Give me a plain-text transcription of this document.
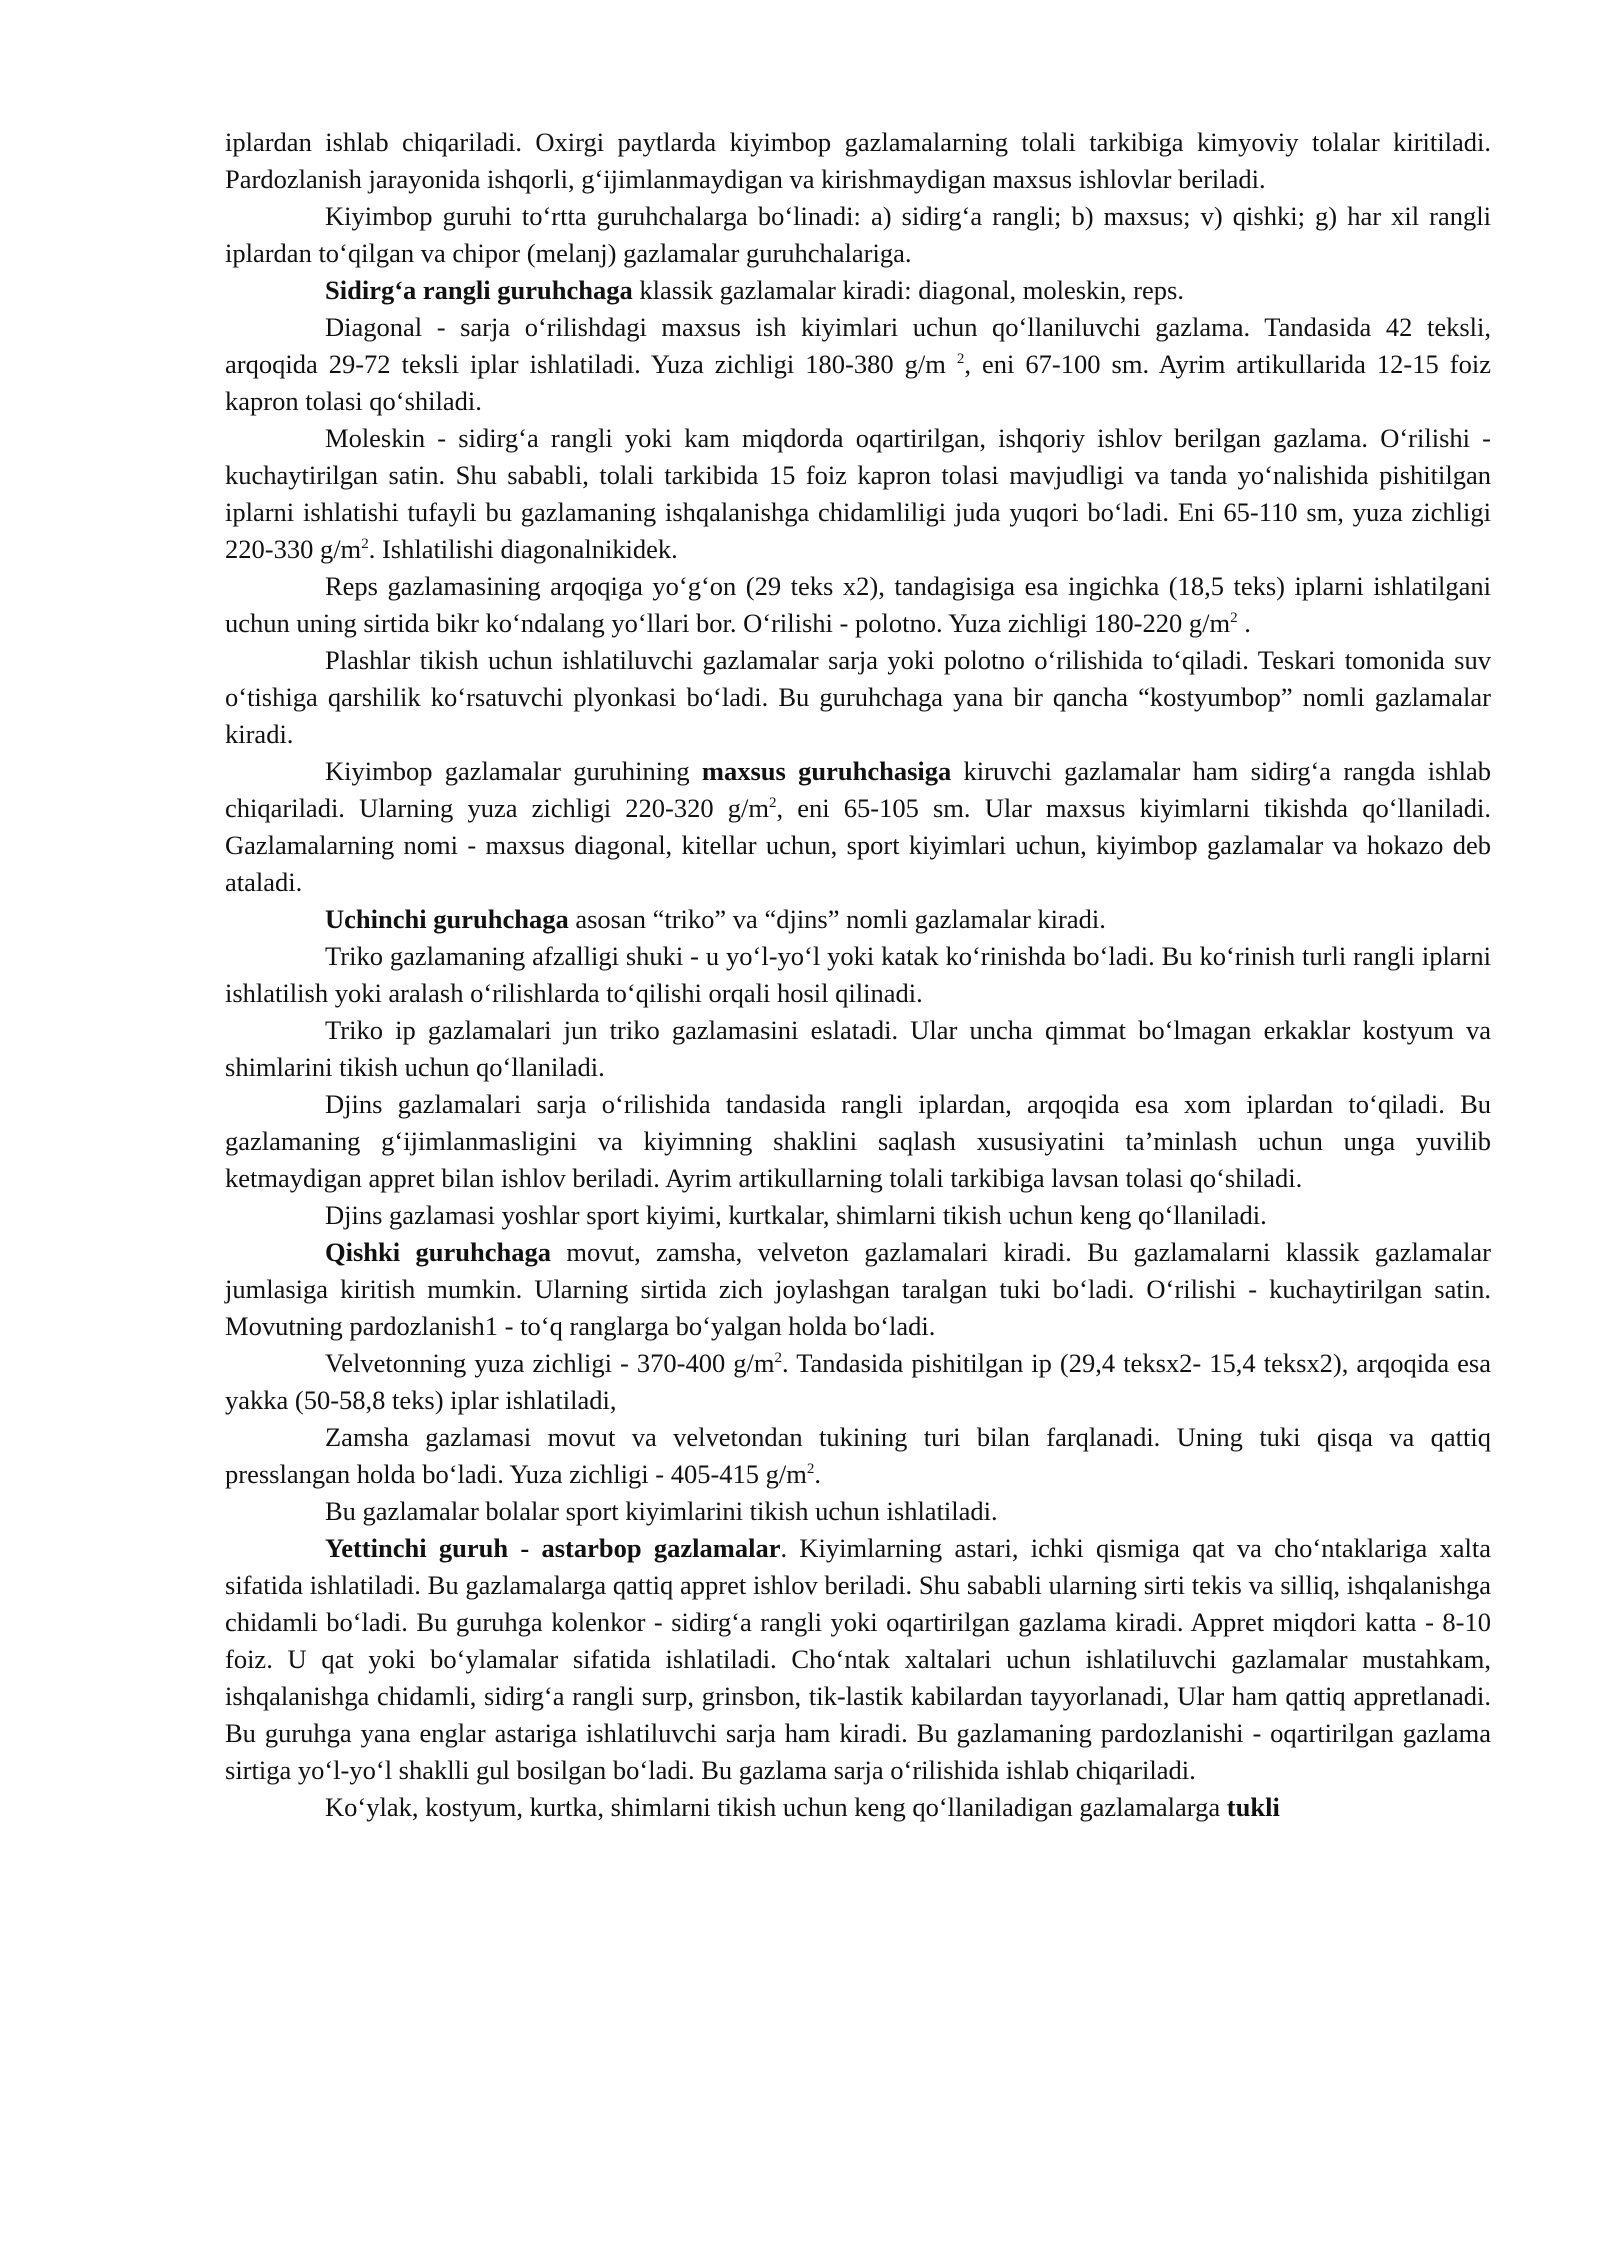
iplardan ishlab chiqariladi. Oxirgi paytlarda kiyimbop gazlamalarning tolali tarkibiga kimyoviy tolalar kiritiladi. Pardozlanish jarayonida ishqorli, g‘ijimlanmaydigan va kirishmaydigan maxsus ishlovlar beriladi.

Kiyimbop guruhi to‘rtta guruhchalarga bo‘linadi: a) sidirg‘a rangli; b) maxsus; v) qishki; g) har xil rangli iplardan to‘qilgan va chipor (melanj) gazlamalar guruhchalariga.

Sidirg‘a rangli guruhchaga klassik gazlamalar kiradi: diagonal, moleskin, reps.

Diagonal - sarja o‘rilishdagi maxsus ish kiyimlari uchun qo‘llaniluvchi gazlama. Tandasida 42 teksli, arqoqida 29-72 teksli iplar ishlatiladi. Yuza zichligi 180-380 g/m $^2$, eni 67-100 sm. Ayrim artikullarida 12-15 foiz kapron tolasi qo‘shiladi.

Moleskin - sidirg‘a rangli yoki kam miqdorda oqartirilgan, ishqoriy ishlov berilgan gazlama. O‘rilishi - kuchaytirilgan satin. Shu sababli, tolali tarkibida 15 foiz kapron tolasi mavjudligi va tanda yo‘nalishida pishitilgan iplarni ishlatishi tufayli bu gazlamaning ishqalanishga chidamliligi juda yuqori bo‘ladi. Eni 65-110 sm, yuza zichligi 220-330 $g/m^2$. Ishlatilishi diagonalnikidek.

Reps gazlamasining arqoqiga yo‘g‘on (29 teks x2), tandagisiga esa ingichka (18,5 teks) iplarni ishlatilgani uchun uning sirtida bikr ko‘ndalang yo‘llari bor. O‘rilishi - polotno. Yuza zichligi 180-220 $g/m^2$ .

Plashlar tikish uchun ishlatiluvchi gazlamalar sarja yoki polotno o‘rilishida to‘qiladi. Teskari tomonida suv o‘tishiga qarshilik ko‘rsatuvchi plyonkasi bo‘ladi. Bu guruhchaga yana bir qancha “kostyumbop” nomli gazlamalar kiradi.

Kiyimbop gazlamalar guruhining maxsus guruhchasiga kiruvchi gazlamalar ham sidirg‘a rangda ishlab chiqariladi. Ularning yuza zichligi 220-320 $g/m^2$, eni 65-105 sm. Ular maxsus kiyimlarni tikishda qo‘llaniladi. Gazlamalarning nomi - maxsus diagonal, kitellar uchun, sport kiyimlari uchun, kiyimbop gazlamalar va hokazo deb ataladi.

Uchinchi guruhchaga asosan “triko” va “djins” nomli gazlamalar kiradi.

Triko gazlamaning afzalligi shuki - u yo‘l-yo‘l yoki katak ko‘rinishda bo‘ladi. Bu ko‘rinish turli rangli iplarni ishlatilish yoki aralash o‘rilishlarda to‘qilishi orqali hosil qilinadi.

Triko ip gazlamalari jun triko gazlamasini eslatadi. Ular uncha qimmat bo‘lmagan erkaklar kostyum va shimlarini tikish uchun qo‘llaniladi.

Djins gazlamalari sarja o‘rilishida tandasida rangli iplardan, arqoqida esa xom iplardan to‘qiladi. Bu gazlamaning g‘ijimlanmasligini va kiyimning shaklini saqlash xususiyatini ta’minlash uchun unga yuvilib ketmaydigan appret bilan ishlov beriladi. Ayrim artikullarning tolali tarkibiga lavsan tolasi qo‘shiladi.

Djins gazlamasi yoshlar sport kiyimi, kurtkalar, shimlarni tikish uchun keng qo‘llaniladi.

Qishki guruhchaga movut, zamsha, velveton gazlamalari kiradi. Bu gazlamalarni klassik gazlamalar jumlasiga kiritish mumkin. Ularning sirtida zich joylashgan taralgan tuki bo‘ladi. O‘rilishi - kuchaytirilgan satin. Movutning pardozlanish1 - to‘q ranglarga bo‘yalgan holda bo‘ladi.

Velvetonning yuza zichligi - 370-400 $g/m^2$. Tandasida pishitilgan ip (29,4 teksx2- 15,4 teksx2), arqoqida esa yakka (50-58,8 teks) iplar ishlatiladi,

Zamsha gazlamasi movut va velvetondan tukining turi bilan farqlanadi. Uning tuki qisqa va qattiq presslangan holda bo‘ladi. Yuza zichligi - 405-415 $g/m^2$.

Bu gazlamalar bolalar sport kiyimlarini tikish uchun ishlatiladi.

Yettinchi guruh - astarbop gazlamalar. Kiyimlarning astari, ichki qismiga qat va cho‘ntaklariga xalta sifatida ishlatiladi. Bu gazlamalarga qattiq appret ishlov beriladi. Shu sababli ularning sirti tekis va silliq, ishqalanishga chidamli bo‘ladi. Bu guruhga kolenkor - sidirg‘a rangli yoki oqartirilgan gazlama kiradi. Appret miqdori katta - 8-10 foiz. U qat yoki bo‘ylamalar sifatida ishlatiladi. Cho‘ntak xaltalari uchun ishlatiluvchi gazlamalar mustahkam, ishqalanishga chidamli, sidirg‘a rangli surp, grinsbon, tik-lastik kabilardan tayyorlanadi, Ular ham qattiq appretlanadi. Bu guruhga yana englar astariga ishlatiluvchi sarja ham kiradi. Bu gazlamaning pardozlanishi - oqartirilgan gazlama sirtiga yo‘l-yo‘l shaklli gul bosilgan bo‘ladi. Bu gazlama sarja o‘rilishida ishlab chiqariladi.

Ko‘ylak, kostyum, kurtka, shimlarni tikish uchun keng qo‘llaniladigan gazlamalarga tukli
